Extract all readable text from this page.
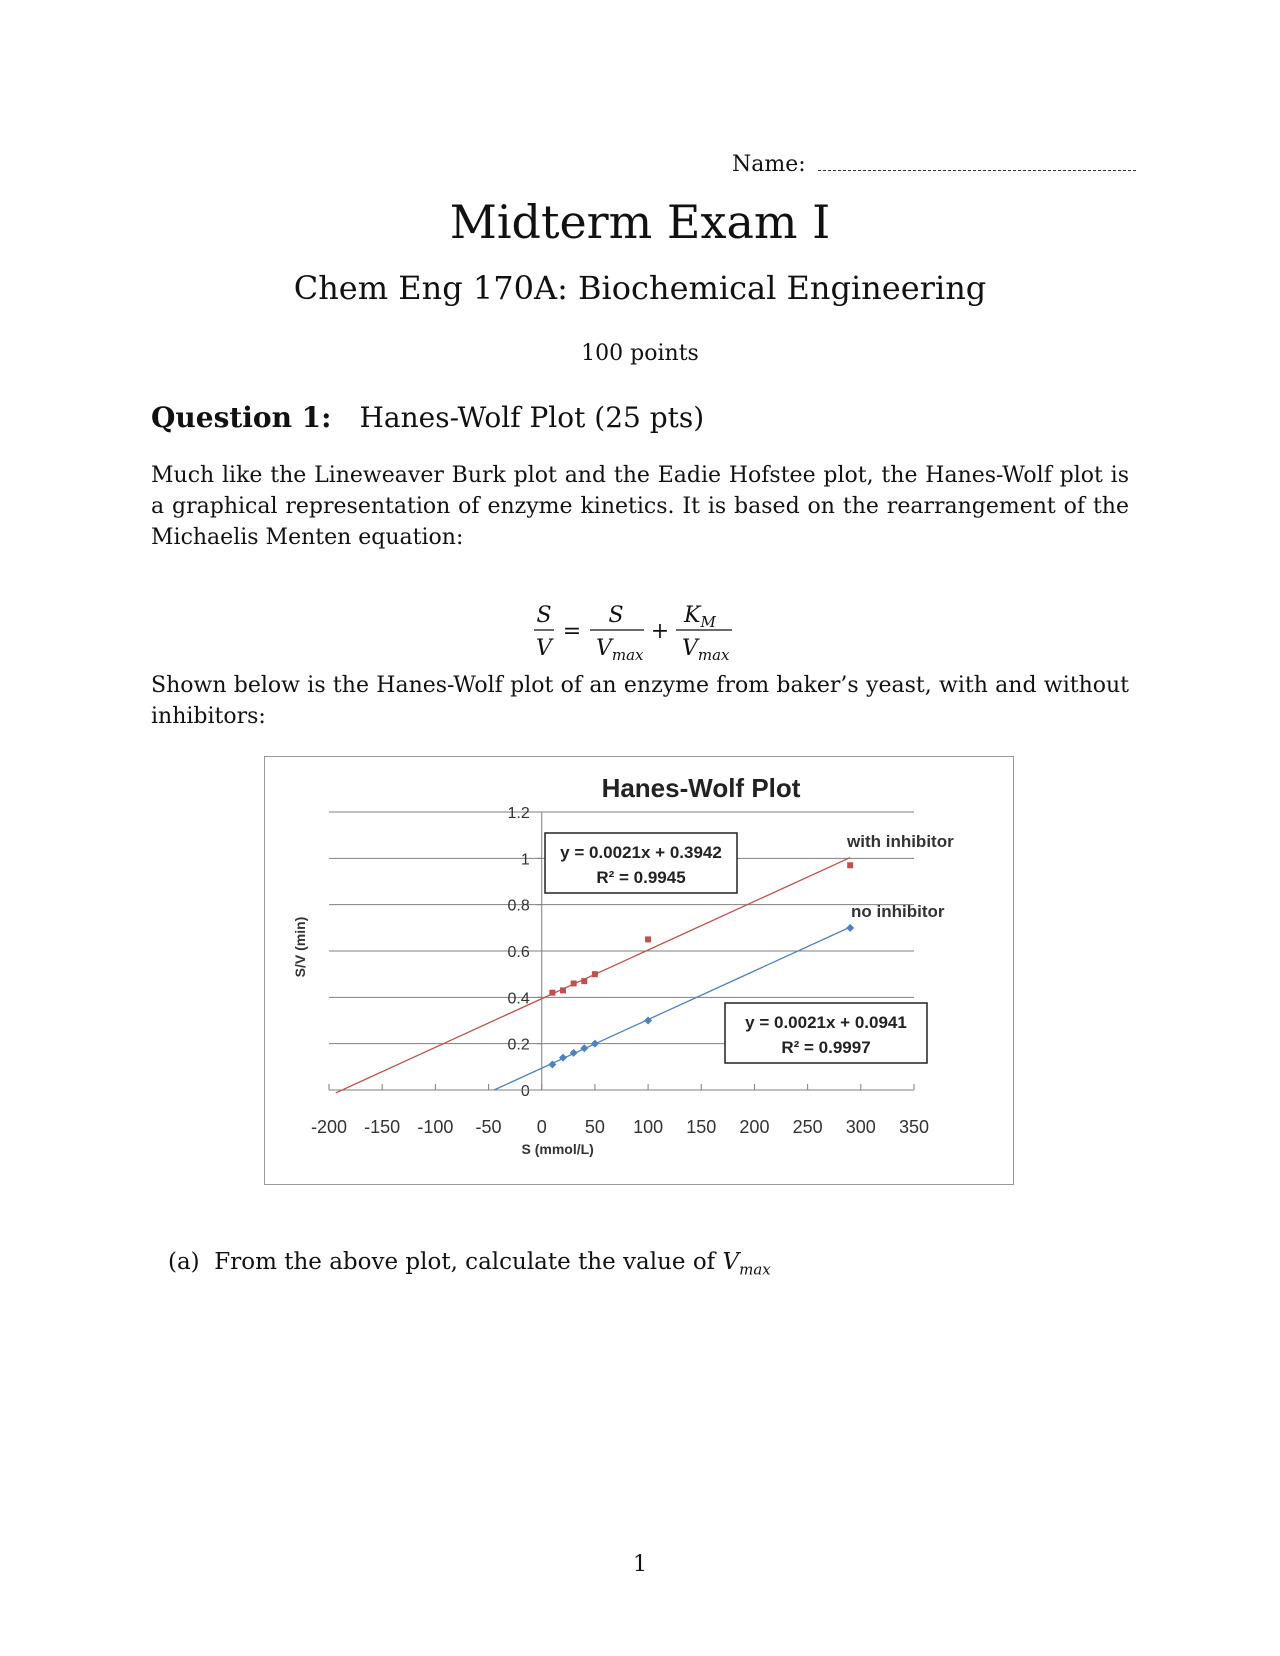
Name:
Midterm Exam I
Chem Eng 170A: Biochemical Engineering
100 points
Question 1: Hanes-Wolf Plot (25 pts)
Much like the Lineweaver Burk plot and the Eadie Hofstee plot, the Hanes-Wolf plot is a graphical representation of enzyme kinetics. It is based on the rearrangement of the Michaelis Menten equation:
S
V
=
S
$V_{max}$
+
$K_M$
$V_{max}$
Shown below is the Hanes-Wolf plot of an enzyme from baker’s yeast, with and without inhibitors:
Hanes-Wolf Plot
0
0.2
0.4
0.6
0.8
1
1.2
-200 -150 -100 -50 0 50 100 150 200 250 300 350
S (mmol/L)
S/V (min)
with inhibitor
y = 0.0021x + 0.3942
R² = 0.9945
no inhibitor
y = 0.0021x + 0.0941
R² = 0.9997
(a) From the above plot, calculate the value of $V_{max}$
1
